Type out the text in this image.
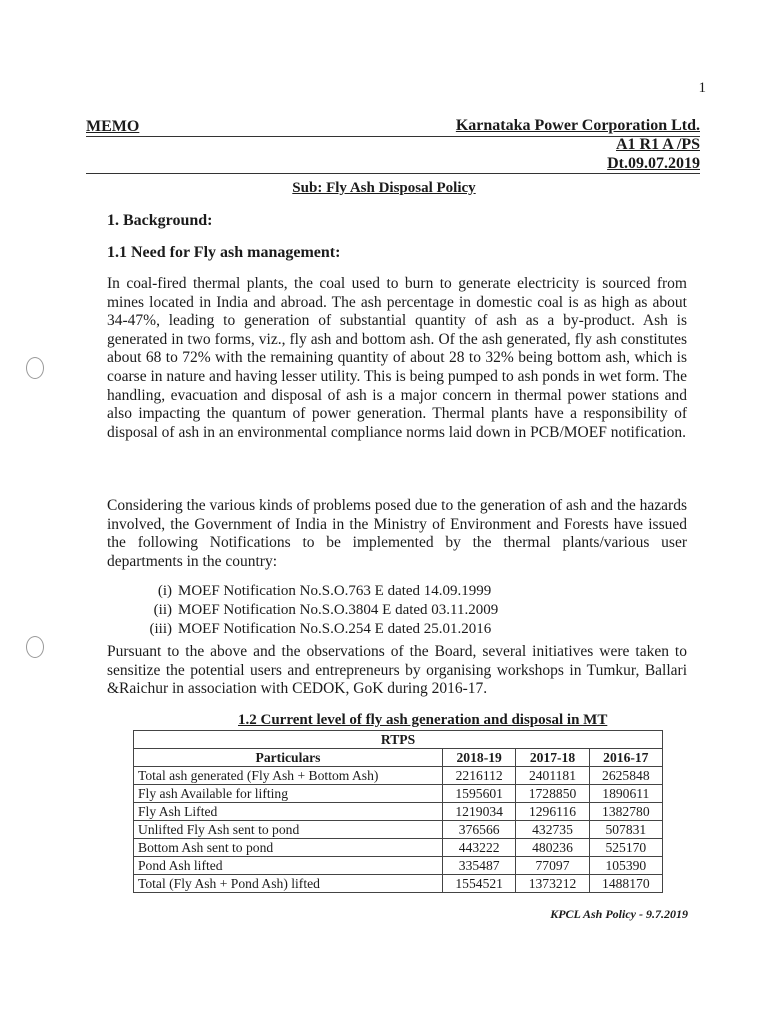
1
MEMO	Karnataka Power Corporation Ltd.
A1 R1 A /PS
Dt.09.07.2019
Sub: Fly Ash Disposal Policy
1. Background:
1.1 Need for Fly ash management:
In coal-fired thermal plants, the coal used to burn to generate electricity is sourced from mines located in India and abroad. The ash percentage in domestic coal is as high as about 34-47%, leading to generation of substantial quantity of ash as a by-product. Ash is generated in two forms, viz., fly ash and bottom ash. Of the ash generated, fly ash constitutes about 68 to 72% with the remaining quantity of about 28 to 32% being bottom ash, which is coarse in nature and having lesser utility. This is being pumped to ash ponds in wet form. The handling, evacuation and disposal of ash is a major concern in thermal power stations and also impacting the quantum of power generation. Thermal plants have a responsibility of disposal of ash in an environmental compliance norms laid down in PCB/MOEF notification.
Considering the various kinds of problems posed due to the generation of ash and the hazards involved, the Government of India in the Ministry of Environment and Forests have issued the following Notifications to be implemented by the thermal plants/various user departments in the country:
(i) MOEF Notification No.S.O.763 E dated 14.09.1999
(ii) MOEF Notification No.S.O.3804 E dated 03.11.2009
(iii) MOEF Notification No.S.O.254 E dated 25.01.2016
Pursuant to the above and the observations of the Board, several initiatives were taken to sensitize the potential users and entrepreneurs by organising workshops in Tumkur, Ballari &Raichur in association with CEDOK, GoK during 2016-17.
1.2 Current level of fly ash generation and disposal in MT
RTPS			
Particulars	2018-19	2017-18	2016-17
Total ash generated (Fly Ash + Bottom Ash)	2216112	2401181	2625848
Fly ash Available for lifting	1595601	1728850	1890611
Fly Ash Lifted	1219034	1296116	1382780
Unlifted Fly Ash sent to pond	376566	432735	507831
Bottom Ash sent to pond	443222	480236	525170
Pond Ash lifted	335487	77097	105390
Total (Fly Ash + Pond Ash) lifted	1554521	1373212	1488170
KPCL Ash Policy - 9.7.2019
